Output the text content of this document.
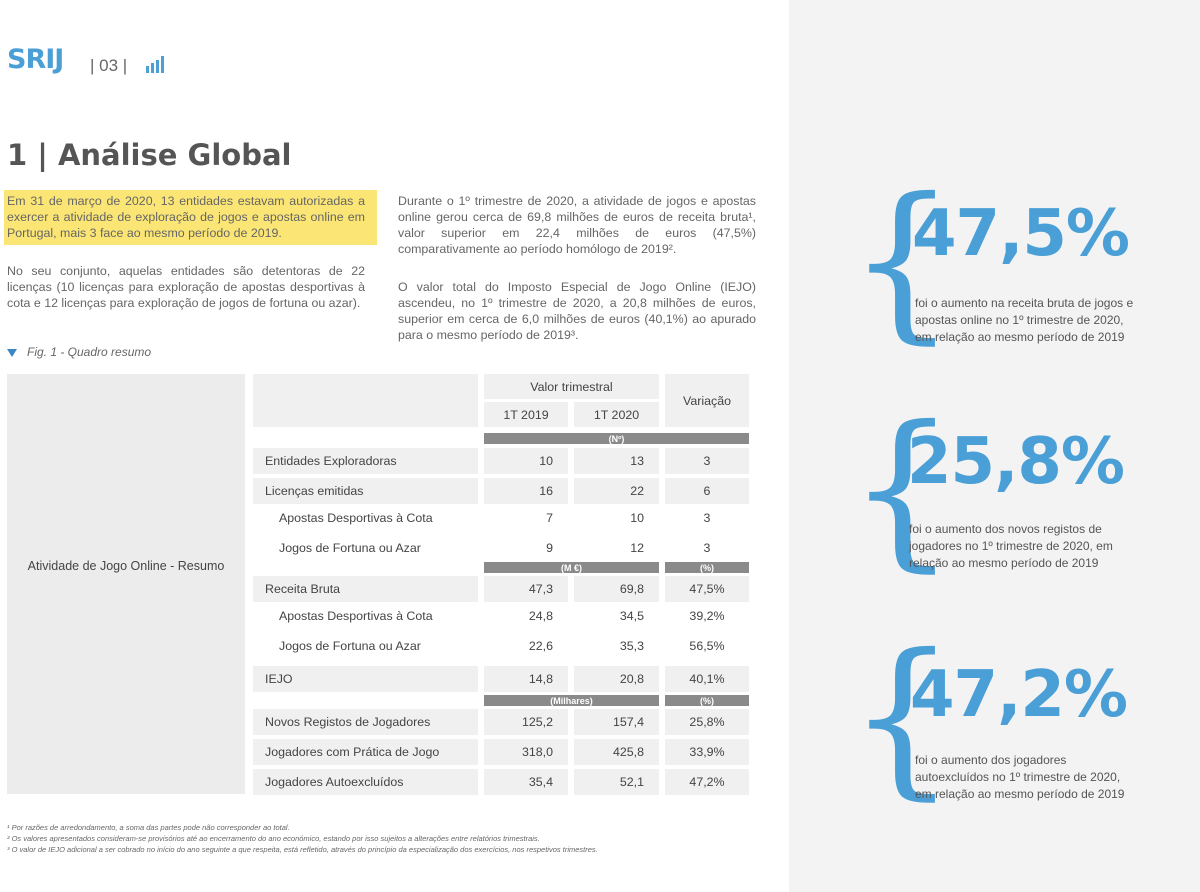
SRIJ | 03 |
1 | Análise Global

Em 31 de março de 2020, 13 entidades estavam autorizadas a exercer a atividade de exploração de jogos e apostas online em Portugal, mais 3 face ao mesmo período de 2019.

No seu conjunto, aquelas entidades são detentoras de 22 licenças (10 licenças para exploração de apostas desportivas à cota e 12 licenças para exploração de jogos de fortuna ou azar).

Durante o 1º trimestre de 2020, a atividade de jogos e apostas online gerou cerca de 69,8 milhões de euros de receita bruta¹, valor superior em 22,4 milhões de euros (47,5%) comparativamente ao período homólogo de 2019².

O valor total do Imposto Especial de Jogo Online (IEJO) ascendeu, no 1º trimestre de 2020, a 20,8 milhões de euros, superior em cerca de 6,0 milhões de euros (40,1%) ao apurado para o mesmo período de 2019³.

Fig. 1 - Quadro resumo
Atividade de Jogo Online - Resumo
Valor trimestral
1T 2019	1T 2020
Variação
(Nº)
(M €)	(%)
(Milhares)	(%)
Entidades Exploradoras	10	13	3
Licenças emitidas	16	22	6
Apostas Desportivas à Cota	7	10	3
Jogos de Fortuna ou Azar	9	12	3
Receita Bruta	47,3	69,8	47,5%
Apostas Desportivas à Cota	24,8	34,5	39,2%
Jogos de Fortuna ou Azar	22,6	35,3	56,5%
IEJO	14,8	20,8	40,1%
Novos Registos de Jogadores	125,2	157,4	25,8%
Jogadores com Prática de Jogo	318,0	425,8	33,9%
Jogadores Autoexcluídos	35,4	52,1	47,2%
{
47,5%
foi o aumento na receita bruta de jogos e apostas online no 1º trimestre de 2020, em relação ao mesmo período de 2019
{
25,8%
foi o aumento dos novos registos de jogadores no 1º trimestre de 2020, em relação ao mesmo período de 2019
{
47,2%
foi o aumento dos jogadores autoexcluídos no 1º trimestre de 2020, em relação ao mesmo período de 2019
¹ Por razões de arredondamento, a soma das partes pode não corresponder ao total.
² Os valores apresentados consideram-se provisórios até ao encerramento do ano económico, estando por isso sujeitos a alterações entre relatórios trimestrais.
³ O valor de IEJO adicional a ser cobrado no início do ano seguinte a que respeita, está refletido, através do princípio da especialização dos exercícios, nos respetivos trimestres.
